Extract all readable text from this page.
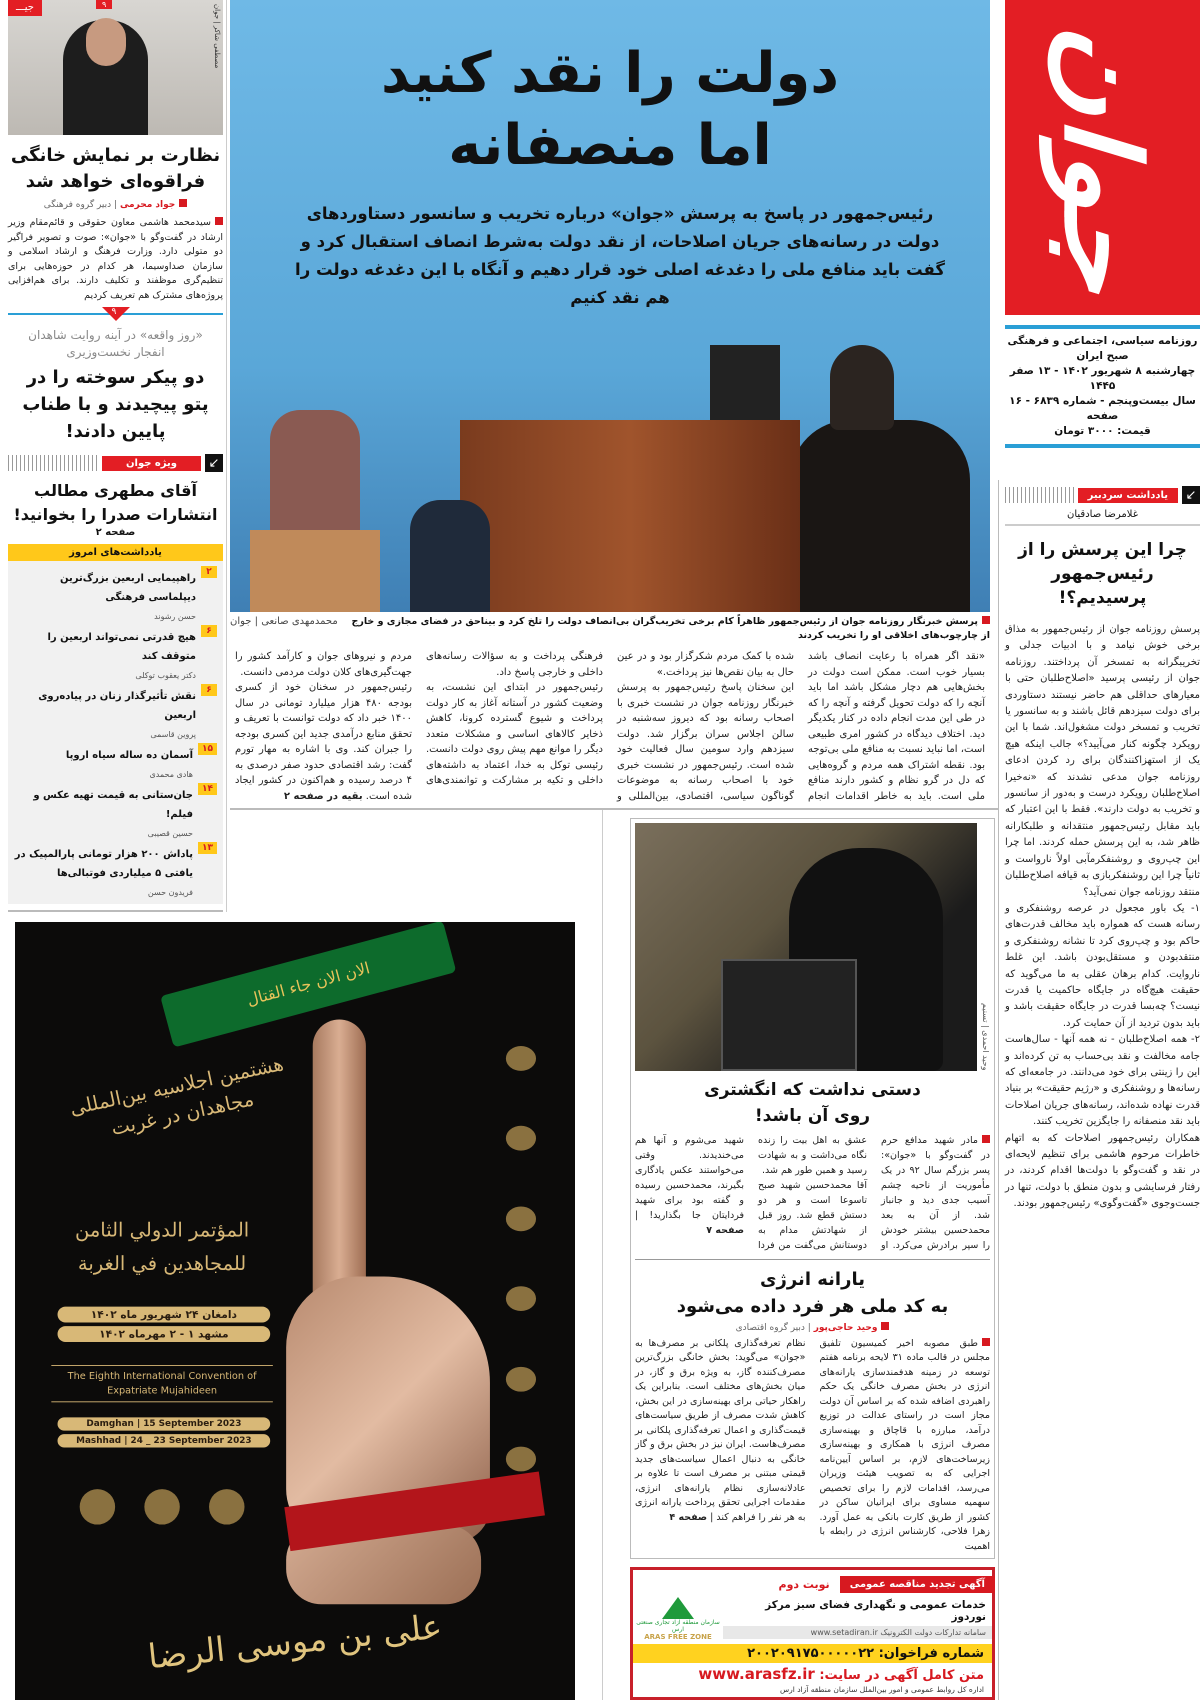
جوان
روزنامه سیاسی، اجتماعی و فرهنگی صبح ایران
چهارشنبه ۸ شهریور ۱۴۰۲ - ۱۳ صفر ۱۴۴۵
سال بیست‌وپنجم - شماره ۶۸۳۹ - ۱۶ صفحه
قیمت: ۳۰۰۰ تومان
↙
یادداشت سردبیر
غلامرضا صادقیان
چرا این پرسش را از رئیس‌جمهور پرسیدیم؟!

پرسش روزنامه جوان از رئیس‌جمهور به مذاق برخی خوش نیامد و با ادبیات جدلی و تخریبگرانه به تمسخر آن پرداختند. روزنامه جوان از رئیسی پرسید «اصلاح‌طلبان حتی با معیارهای حداقلی هم حاضر نیستند دستاوردی برای دولت سیزدهم قائل باشند و به سانسور یا تخریب و تمسخر دولت مشغول‌اند. شما با این رویکرد چگونه کنار می‌آیید؟» جالب اینکه هیچ یک از استهزاکنندگان برای رد کردن ادعای روزنامه جوان مدعی نشدند که «نه‌خیرا اصلاح‌طلبان رویکرد درست و به‌دور از سانسور و تخریب به دولت دارند». فقط با این اعتبار که باید مقابل رئیس‌جمهور منتقدانه و طلبکارانه ظاهر شد، به این پرسش حمله کردند. اما چرا این چپ‌روی و روشنفکرمآبی اولاً نارواست و ثانیاً چرا این روشنفکربازی به قیافه اصلاح‌طلبان منتقد روزنامه جوان نمی‌آید؟

۱- یک باور مجعول در عرصه روشنفکری و رسانه هست که همواره باید مخالف قدرت‌های حاکم بود و چپ‌روی کرد تا نشانه روشنفکری و منتقدبودن و مستقل‌بودن باشد. این غلط ناروایت. کدام برهان عقلی به ما می‌گوید که حقیقت هیچ‌گاه در جایگاه حاکمیت یا قدرت نیست؟ چه‌بسا قدرت در جایگاه حقیقت باشد و باید بدون تردید از آن حمایت کرد.

۲- همه اصلاح‌طلبان - نه همه آنها - سال‌هاست جامه مخالفت و نقد بی‌حساب به تن کرده‌اند و این را زینتی برای خود می‌دانند. در جامعه‌ای که رسانه‌ها و روشنفکری و «رژیم حقیقت» بر بنیاد قدرت نهاده شده‌اند، رسانه‌های جریان اصلاحات باید نقد منصفانه را جایگزین تخریب کنند.

همکاران رئیس‌جمهور اصلاحات که به اتهام خاطرات مرحوم هاشمی برای تنظیم لایحه‌ای در نقد و گفت‌وگو با دولت‌ها اقدام کردند، در رفتار فرسایشی و بدون منطق با دولت، تنها در جست‌وجوی «گفت‌وگوی» رئیس‌جمهور بودند.

دولت را نقد کنید
اما منصفانه
رئیس‌جمهور در پاسخ به پرسش «جوان» درباره تخریب و سانسور دستاوردهای دولت در رسانه‌های جریان اصلاحات، از نقد دولت به‌شرط انصاف استقبال کرد و گفت باید منافع ملی را دغدغه اصلی خود قرار دهیم و آنگاه با این دغدغه دولت را هم نقد کنیم
پرسش خبرنگار روزنامه جوان از رئیس‌جمهور ظاهراً کام برخی تخریب‌گران بی‌انصاف دولت را تلخ کرد و بیناحق در فضای مجازی و خارج از چارچوب‌های اخلاقی او را تخریب کردند
محمدمهدی صانعی | جوان

«نقد اگر همراه با رعایت انصاف باشد بسیار خوب است. ممکن است دولت در بخش‌هایی هم دچار مشکل باشد اما باید آنچه را که دولت تحویل گرفته و آنچه را که در طی این مدت انجام داده در کنار یکدیگر دید. اختلاف دیدگاه در کشور امری طبیعی است، اما نباید نسبت به منافع ملی بی‌توجه بود. نقطه اشتراک همه مردم و گروه‌هایی که دل در گرو نظام و کشور دارند منافع ملی است. باید به خاطر اقدامات انجام شده با کمک مردم شکرگزار بود و در عین حال به بیان نقص‌ها نیز پرداخت.»

این سخنان پاسخ رئیس‌جمهور به پرسش خبرنگار روزنامه جوان در نشست خبری با اصحاب رسانه بود که دیروز سه‌شنبه در سالن اجلاس سران برگزار شد. دولت سیزدهم وارد سومین سال فعالیت خود شده است. رئیس‌جمهور در نشست خبری خود با اصحاب رسانه به موضوعات گوناگون سیاسی، اقتصادی، بین‌المللی و فرهنگی پرداخت و به سؤالات رسانه‌های داخلی و خارجی پاسخ داد.

رئیس‌جمهور در ابتدای این نشست، به وضعیت کشور در آستانه آغاز به کار دولت پرداخت و شیوع گسترده کرونا، کاهش ذخایر کالاهای اساسی و مشکلات متعدد دیگر را موانع مهم پیش روی دولت دانست. رئیسی توکل به خدا، اعتماد به داشته‌های داخلی و تکیه بر مشارکت و توانمندی‌های مردم و نیروهای جوان و کارآمد کشور را جهت‌گیری‌های کلان دولت مردمی دانست.

رئیس‌جمهور در سخنان خود از کسری بودجه ۴۸۰ هزار میلیارد تومانی در سال ۱۴۰۰ خبر داد که دولت توانست با تعریف و تحقق منابع درآمدی جدید این کسری بودجه را جبران کند. وی با اشاره به مهار تورم گفت: رشد اقتصادی حدود صفر درصدی به ۴ درصد رسیده و هم‌اکنون در کشور ایجاد شده است. بقیه در صفحه ۲

مصطفی شاکر | جوان
۹
نظارت بر نمایش خانگی فراقوه‌ای خواهد شد
جواد محرمی | دبیر گروه فرهنگی
سیدمحمد هاشمی معاون حقوقی و قائم‌مقام وزیر ارشاد در گفت‌وگو با «جوان»: صوت و تصویر فراگیر دو متولی دارد. وزارت فرهنگ و ارشاد اسلامی و سازمان صداوسیما، هر کدام در حوزه‌هایی برای تنظیم‌گری موظفند و تکلیف دارند. برای هم‌افزایی پروژه‌های مشترک هم تعریف کردیم
۹
«روز واقعه» در آینه روایت شاهدان انفجار نخست‌وزیری
دو پیکر سوخته را در پتو پیچیدند و با طناب پایین دادند!
↙
ویژه جوان
آقای مطهری مطالب انتشارات صدرا را بخوانید!
صفحه ۲
یادداشت‌های امروز
۲
راهپیمایی اربعین بزرگ‌ترین دیپلماسی فرهنگی
حسن رشوند
۶
هیچ قدرتی نمی‌تواند اربعین را متوقف کند
دکتر یعقوب توکلی
۶
نقش تأثیرگذار زنان در پیاده‌روی اربعین
پروین قاسمی
۱۵
آسمان ده ساله سیاه اروپا
هادی محمدی
۱۴
جان‌ستانی به قیمت تهیه عکس و فیلم!
حسین قصیبی
۱۳
پاداش ۲۰۰ هزار تومانی پارالمپیک در یافتی ۵ میلیاردی فوتبالی‌ها
فریدون حسن
جیـــ
الان الان جاء القتال
هشتمین اجلاسیه بین‌المللی مجاهدان در غربت
المؤتمر الدولي الثامن
للمجاهدين في الغربة
دامغان ۲۴ شهریور ماه ۱۴۰۲
مشهد ۱ - ۲ مهرماه ۱۴۰۲
The Eighth International Convention of
Expatriate Mujahideen
Damghan | 15 September 2023
Mashhad | 24 _ 23 September 2023
علی بن موسی الرضا
وحید احمدی | تسنیم
دستی نداشت که انگشتری روی آن باشد!

مادر شهید مدافع حرم در گفت‌وگو با «جوان»: پسر بزرگم سال ۹۲ در یک مأموریت از ناحیه چشم آسیب جدی دید و جانباز شد. از آن به بعد محمدحسین بیشتر خودش را سپر برادرش می‌کرد. او عشق به اهل بیت را زنده نگاه می‌داشت و به شهادت رسید و همین طور هم شد.

آقا محمدحسین شهید صبح تاسوعا است و هر دو دستش قطع شد. روز قبل از شهادتش مدام به دوستانش می‌گفت من فردا شهید می‌شوم و آنها هم می‌خندیدند. وقتی می‌خواستند عکس یادگاری بگیرند، محمدحسین رسیده و گفته بود برای شهید فردایتان جا بگذارید! | صفحه ۷

یارانه انرژی
به کد ملی هر فرد داده می‌شود
وحید حاجی‌پور | دبیر گروه اقتصادی

طبق مصوبه اخیر کمیسیون تلفیق مجلس در قالب ماده ۳۱ لایحه برنامه هفتم توسعه در زمینه هدفمندسازی یارانه‌های انرژی در بخش مصرف خانگی یک حکم راهبردی اضافه شده که بر اساس آن دولت مجاز است در راستای عدالت در توزیع درآمد، مبارزه با قاچاق و بهینه‌سازی مصرف انرژی با همکاری و بهینه‌سازی زیرساخت‌های لازم، بر اساس آیین‌نامه اجرایی که به تصویب هیئت وزیران می‌رسد، اقدامات لازم را برای تخصیص سهمیه مساوی برای ایرانیان ساکن در کشور از طریق کارت بانکی به عمل آورد. زهرا فلاحی، کارشناس انرژی در رابطه با اهمیت

نظام تعرفه‌گذاری پلکانی بر مصرف‌ها به «جوان» می‌گوید: بخش خانگی بزرگ‌ترین مصرف‌کننده گاز، به ویژه برق و گاز، در میان بخش‌های مختلف است. بنابراین یک راهکار حیاتی برای بهینه‌سازی در این بخش، کاهش شدت مصرف از طریق سیاست‌های قیمت‌گذاری و اعمال تعرفه‌گذاری پلکانی بر مصرف‌هاست. ایران نیز در بخش برق و گاز خانگی به دنبال اعمال سیاست‌های جدید قیمتی مبتنی بر مصرف است تا علاوه بر عادلانه‌سازی نظام یارانه‌های انرژی، مقدمات اجرایی تحقق پرداخت یارانه انرژی به هر نفر را فراهم کند | صفحه ۴

آگهی تجدید مناقصه عمومی
نوبت دوم
خدمات عمومی و نگهداری فضای سبز مرکز نوردوز
سامانه تدارکات دولت الکترونیک www.setadiran.ir
سازمان منطقه آزاد تجاری صنعتی ارس
ARAS FREE ZONE
شماره فراخوان: ۲۰۰۲۰۹۱۷۵۰۰۰۰۰۲۲
متن کامل آگهی در سایت: www.arasfz.ir
اداره کل روابط عمومی و امور بین‌الملل سازمان منطقه آزاد ارس
